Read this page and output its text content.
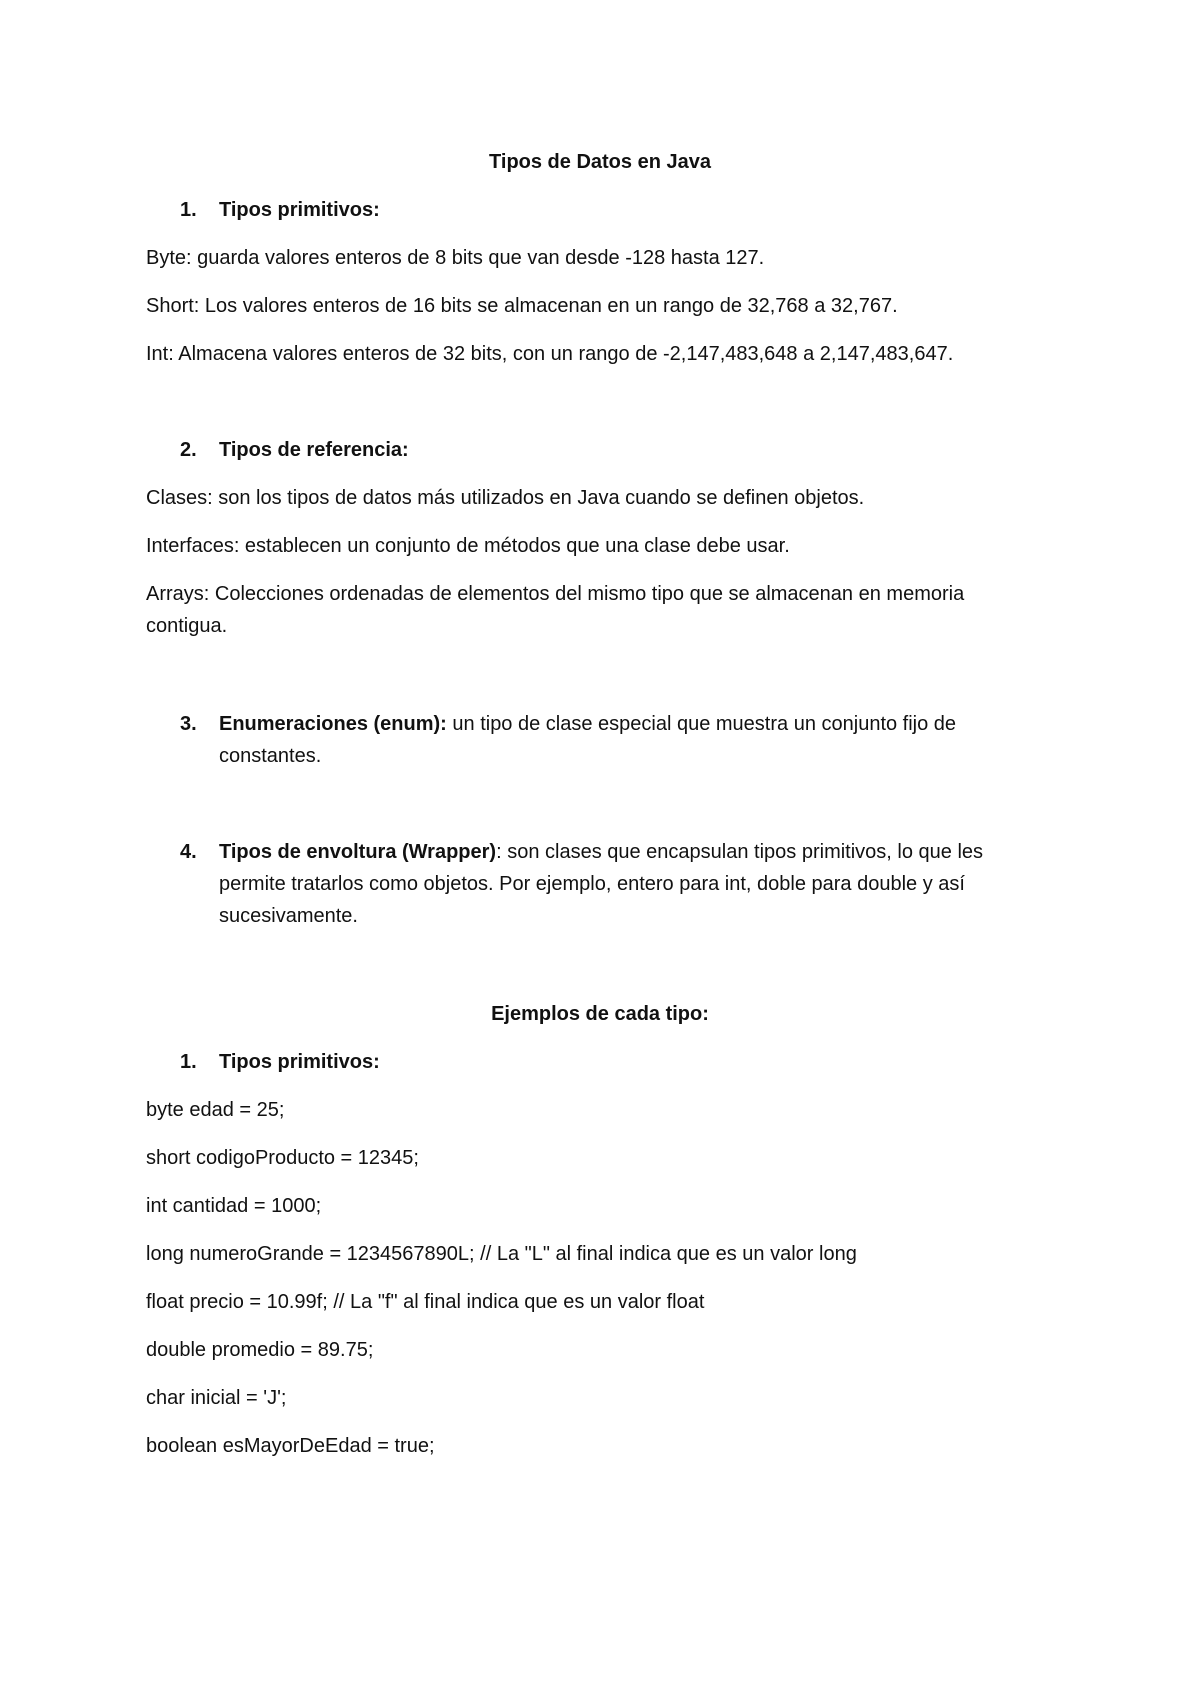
Tipos de Datos en Java

1. Tipos primitivos:

Byte: guarda valores enteros de 8 bits que van desde -128 hasta 127.

Short: Los valores enteros de 16 bits se almacenan en un rango de 32,768 a 32,767.

Int: Almacena valores enteros de 32 bits, con un rango de -2,147,483,648 a 2,147,483,647.

2. Tipos de referencia:

Clases: son los tipos de datos más utilizados en Java cuando se definen objetos.

Interfaces: establecen un conjunto de métodos que una clase debe usar.

Arrays: Colecciones ordenadas de elementos del mismo tipo que se almacenan en memoria

contigua.

3. Enumeraciones (enum): un tipo de clase especial que muestra un conjunto fijo de

constantes.

4. Tipos de envoltura (Wrapper): son clases que encapsulan tipos primitivos, lo que les

permite tratarlos como objetos. Por ejemplo, entero para int, doble para double y así

sucesivamente.

Ejemplos de cada tipo:

1. Tipos primitivos:

byte edad = 25;

short codigoProducto = 12345;

int cantidad = 1000;

long numeroGrande = 1234567890L; // La "L" al final indica que es un valor long

float precio = 10.99f; // La "f" al final indica que es un valor float

double promedio = 89.75;

char inicial = 'J';

boolean esMayorDeEdad = true;
